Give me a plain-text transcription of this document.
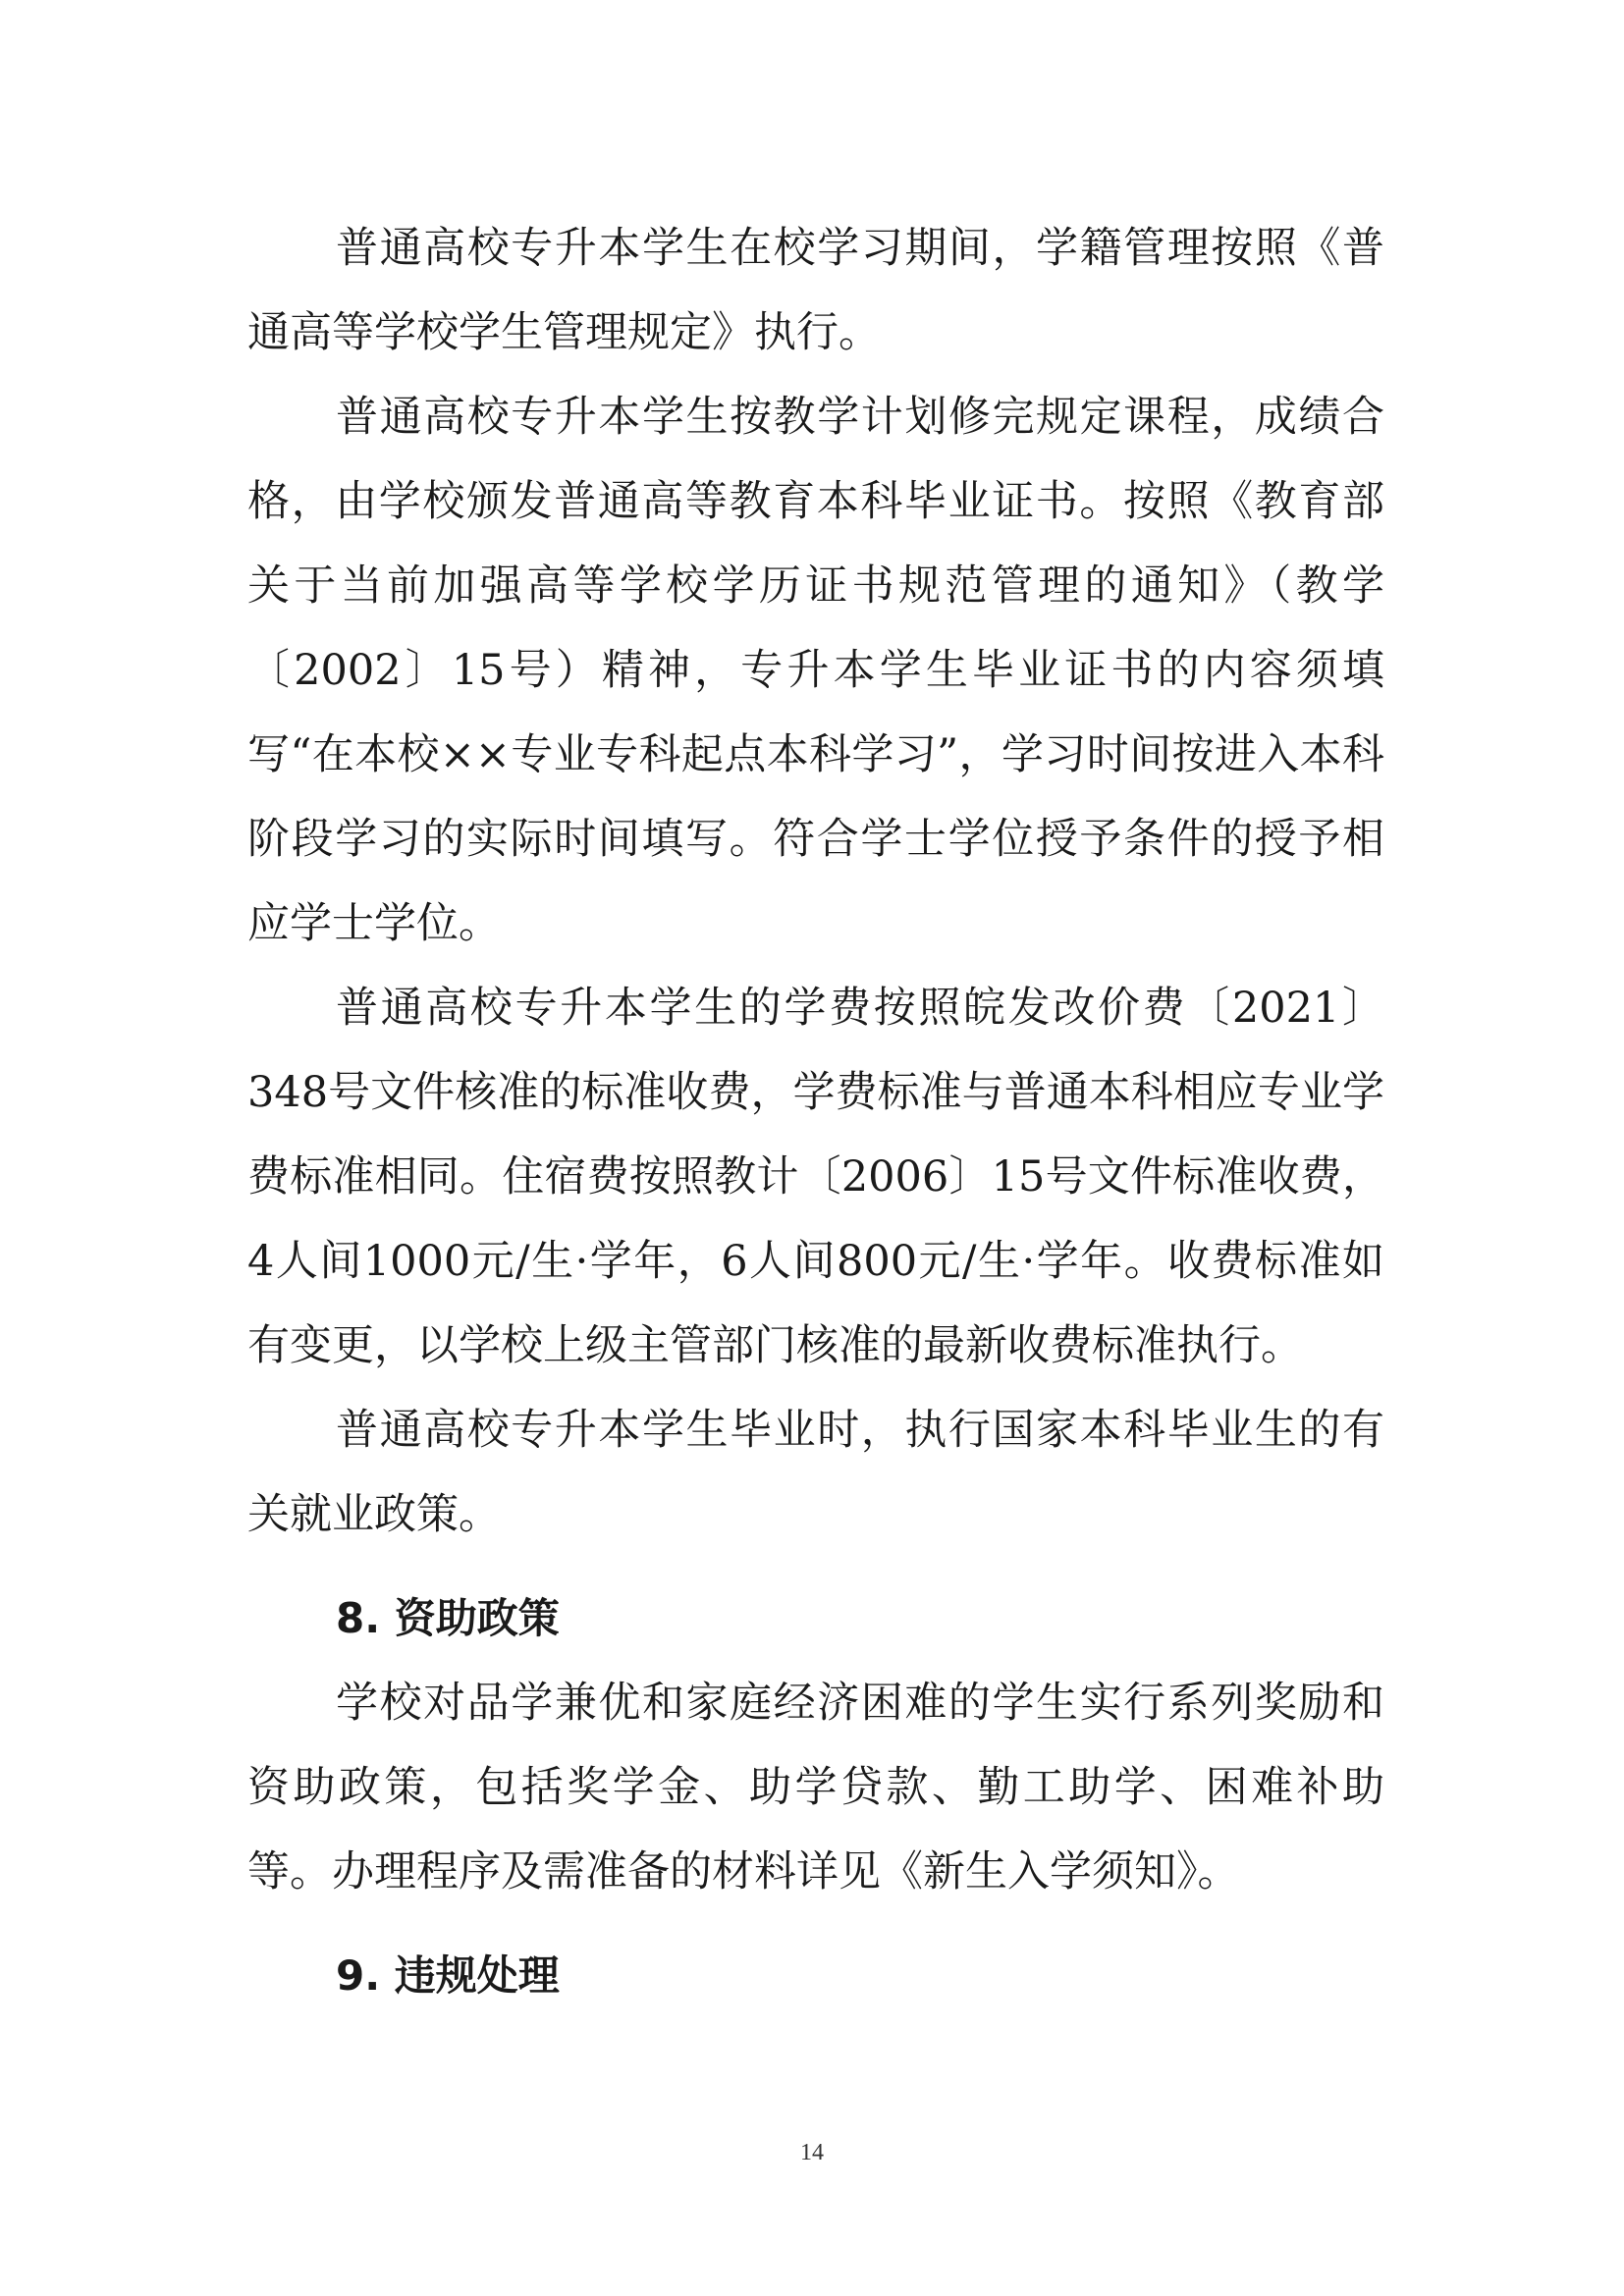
普通高校专升本学生在校学习期间，学籍管理按照《普通高等学校学生管理规定》执行。

普通高校专升本学生按教学计划修完规定课程，成绩合格，由学校颁发普通高等教育本科毕业证书。按照《教育部关于当前加强高等学校学历证书规范管理的通知》（教学〔2002〕15号）精神，专升本学生毕业证书的内容须填写“在本校××专业专科起点本科学习”，学习时间按进入本科阶段学习的实际时间填写。符合学士学位授予条件的授予相应学士学位。

普通高校专升本学生的学费按照皖发改价费〔2021〕348号文件核准的标准收费，学费标准与普通本科相应专业学费标准相同。住宿费按照教计〔2006〕15号文件标准收费，4人间1000元/生·学年，6人间800元/生·学年。收费标准如有变更，以学校上级主管部门核准的最新收费标准执行。

普通高校专升本学生毕业时，执行国家本科毕业生的有关就业政策。

8. 资助政策

学校对品学兼优和家庭经济困难的学生实行系列奖励和资助政策，包括奖学金、助学贷款、勤工助学、困难补助等。办理程序及需准备的材料详见《新生入学须知》。

9. 违规处理
14
